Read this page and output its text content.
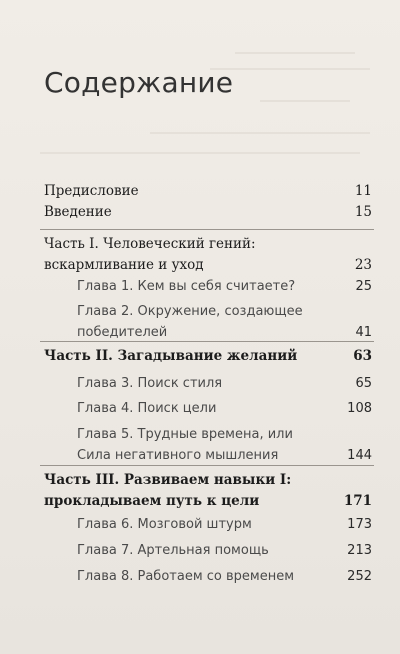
Содержание
Предисловие	11
Введение	15
Часть I. Человеческий гений:
вскармливание и уход	23
Глава 1. Кем вы себя считаете?	25
Глава 2. Окружение, создающее
победителей	41
Часть II. Загадывание желаний	63
Глава 3. Поиск стиля	65
Глава 4. Поиск цели	108
Глава 5. Трудные времена, или
Сила негативного мышления	144
Часть III. Развиваем навыки I:
прокладываем путь к цели	171
Глава 6. Мозговой штурм	173
Глава 7. Артельная помощь	213
Глава 8. Работаем со временем	252
